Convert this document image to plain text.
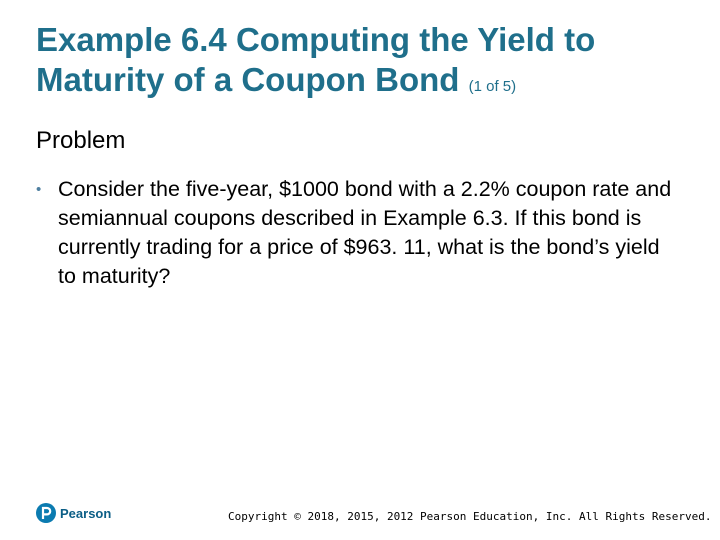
Example 6.4 Computing the Yield to Maturity of a Coupon Bond (1 of 5)
Problem
• Consider the five-year, $1000 bond with a 2.2% coupon rate and semiannual coupons described in Example 6.3. If this bond is currently trading for a price of $963. 11, what is the bond’s yield to maturity?
Pearson	Copyright © 2018, 2015, 2012 Pearson Education, Inc. All Rights Reserved.
